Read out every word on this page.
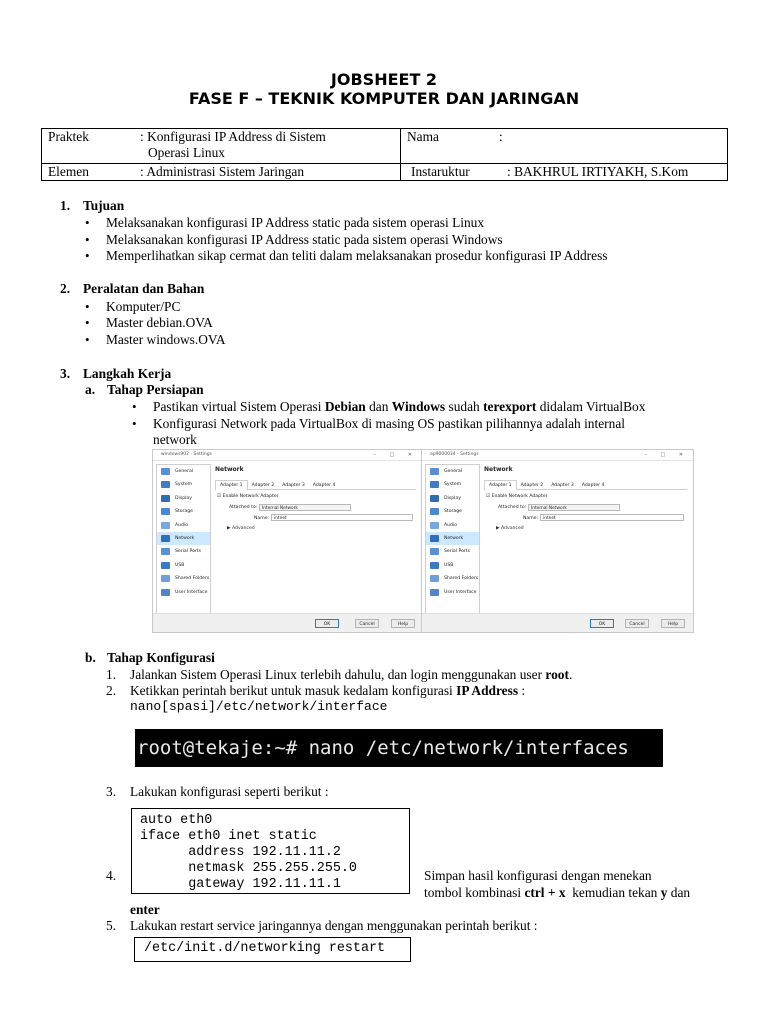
JOBSHEET 2
FASE F – TEKNIK KOMPUTER DAN JARINGAN
Praktek : Konfigurasi IP Address di Sistem
Operasi Linux	Nama :
Elemen : Administrasi Sistem Jaringan	Instaruktur : BAKHRUL IRTIYAKH, S.Kom
1. Tujuan
• Melaksanakan konfigurasi IP Address static pada sistem operasi Linux
• Melaksanakan konfigurasi IP Address static pada sistem operasi Windows
• Memperlihatkan sikap cermat dan teliti dalam melaksanakan prosedur konfigurasi IP Address
2. Peralatan dan Bahan
• Komputer/PC
• Master debian.OVA
• Master windows.OVA
3. Langkah Kerja
a. Tahap Persiapan
• Pastikan virtual Sistem Operasi Debian dan Windows sudah terexport didalam VirtualBox
• Konfigurasi Network pada VirtualBox di masing OS pastikan pilihannya adalah internal
network
windows902 - Settings	– □ ✕
General
System
Display
Storage
Audio
Network
Serial Ports
USB
Shared Folders
User Interface
Network
Adapter 1 Adapter 2 Adapter 3 Adapter 4
☑ Enable Network Adapter
Attached to:	Internal Network
Name:	intnet
▶ Advanced
OK	Cancel	Help
ap9000034 - Settings	– □ ✕
General
System
Display
Storage
Audio
Network
Serial Ports
USB
Shared Folders
User Interface
Network
Adapter 1 Adapter 2 Adapter 3 Adapter 4
☑ Enable Network Adapter
Attached to:	Internal Network
Name:	intnet
▶ Advanced
OK	Cancel	Help
b. Tahap Konfigurasi
1. Jalankan Sistem Operasi Linux terlebih dahulu, dan login menggunakan user root.
2. Ketikkan perintah berikut untuk masuk kedalam konfigurasi IP Address :
nano[spasi]/etc/network/interface
root@tekaje:~# nano /etc/network/interfaces
3. Lakukan konfigurasi seperti berikut :
auto eth0
iface eth0 inet static
address 192.11.11.2
netmask 255.255.255.0
gateway 192.11.11.1
4.	Simpan hasil konfigurasi dengan menekan
tombol kombinasi ctrl + x  kemudian tekan y dan
enter
5. Lakukan restart service jaringannya dengan menggunakan perintah berikut :
/etc/init.d/networking restart
